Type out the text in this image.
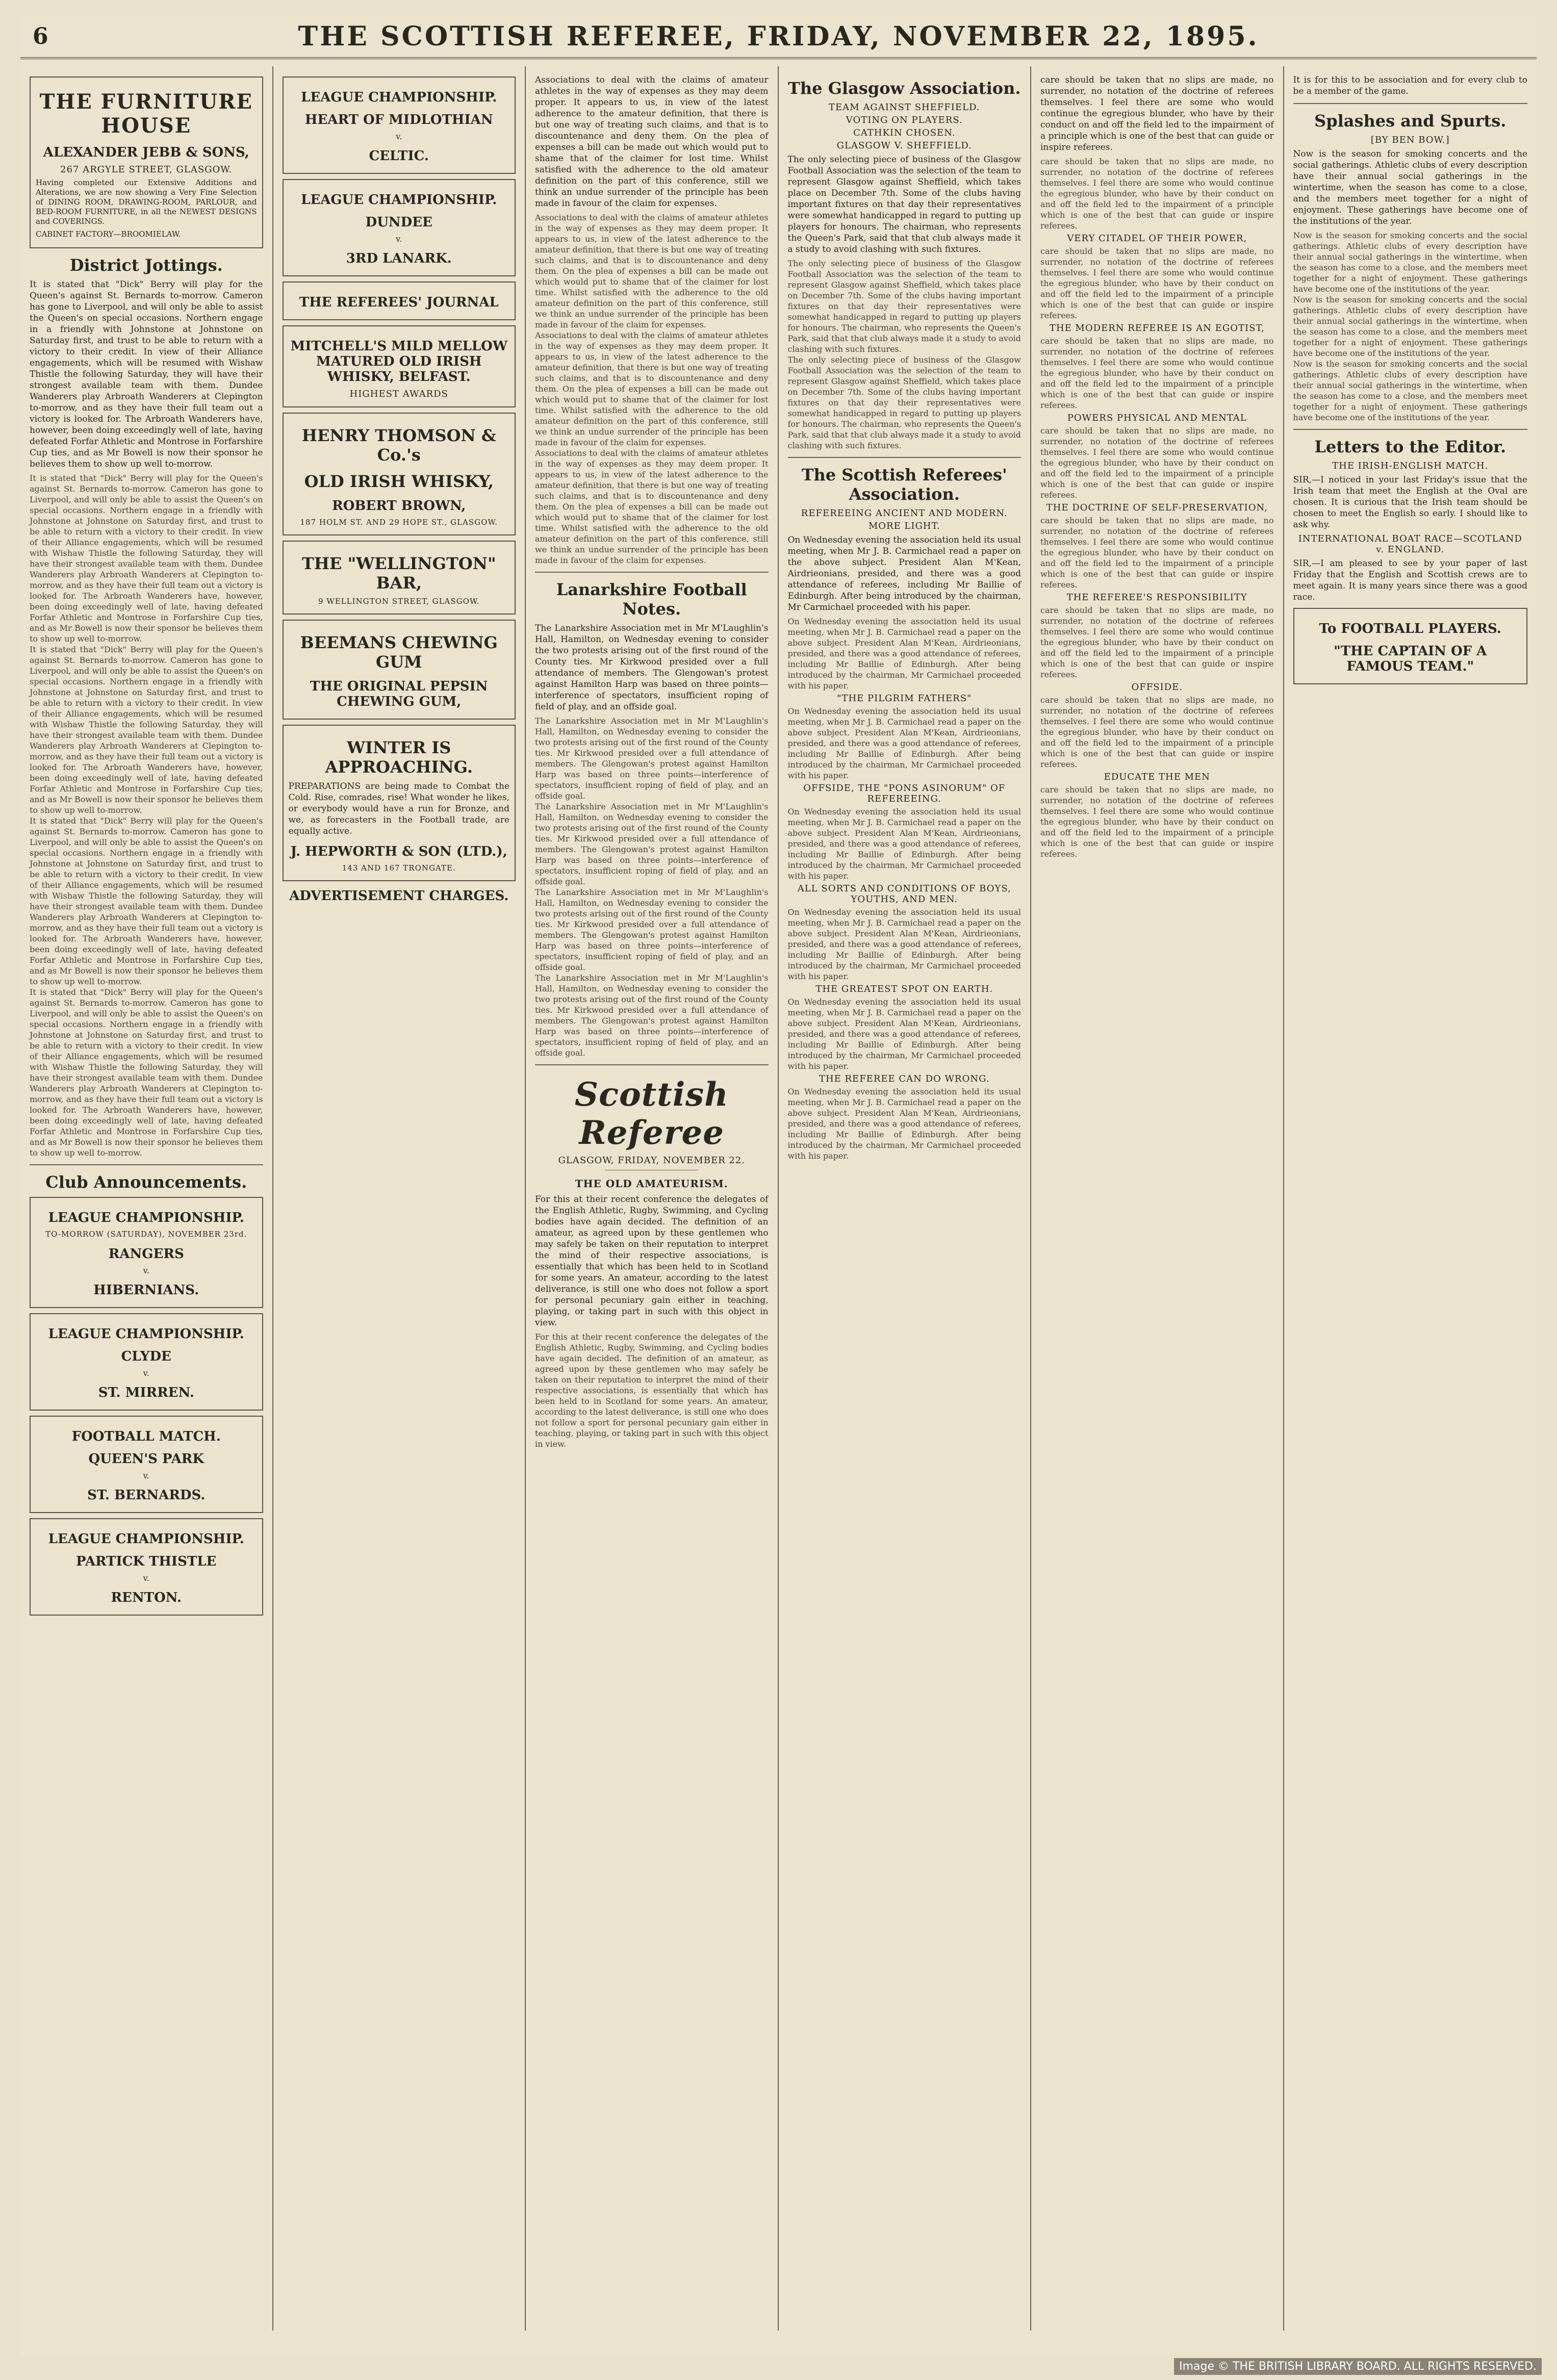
6	THE SCOTTISH REFEREE, FRIDAY, NOVEMBER 22, 1895.
THE FURNITURE HOUSE
ALEXANDER JEBB & SONS,
267 ARGYLE STREET, GLASGOW.
Having completed our Extensive Additions and Alterations, we are now showing a Very Fine Selection of DINING ROOM, DRAWING-ROOM, PARLOUR, and BED-ROOM FURNITURE, in all the NEWEST DESIGNS and COVERINGS.
CABINET FACTORY—BROOMIELAW.
District Jottings.
It is stated that "Dick" Berry will play for the Queen's against St. Bernards to-morrow. Cameron has gone to Liverpool, and will only be able to assist the Queen's on special occasions. Northern engage in a friendly with Johnstone at Johnstone on Saturday first, and trust to be able to return with a victory to their credit. In view of their Alliance engagements, which will be resumed with Wishaw Thistle the following Saturday, they will have their strongest available team with them. Dundee Wanderers play Arbroath Wanderers at Clepington to-morrow, and as they have their full team out a victory is looked for. The Arbroath Wanderers have, however, been doing exceedingly well of late, having defeated Forfar Athletic and Montrose in Forfarshire Cup ties, and as Mr Bowell is now their sponsor he believes them to show up well to-morrow.
It is stated that "Dick" Berry will play for the Queen's against St. Bernards to-morrow. Cameron has gone to Liverpool, and will only be able to assist the Queen's on special occasions. Northern engage in a friendly with Johnstone at Johnstone on Saturday first, and trust to be able to return with a victory to their credit. In view of their Alliance engagements, which will be resumed with Wishaw Thistle the following Saturday, they will have their strongest available team with them. Dundee Wanderers play Arbroath Wanderers at Clepington to-morrow, and as they have their full team out a victory is looked for. The Arbroath Wanderers have, however, been doing exceedingly well of late, having defeated Forfar Athletic and Montrose in Forfarshire Cup ties, and as Mr Bowell is now their sponsor he believes them to show up well to-morrow.
It is stated that "Dick" Berry will play for the Queen's against St. Bernards to-morrow. Cameron has gone to Liverpool, and will only be able to assist the Queen's on special occasions. Northern engage in a friendly with Johnstone at Johnstone on Saturday first, and trust to be able to return with a victory to their credit. In view of their Alliance engagements, which will be resumed with Wishaw Thistle the following Saturday, they will have their strongest available team with them. Dundee Wanderers play Arbroath Wanderers at Clepington to-morrow, and as they have their full team out a victory is looked for. The Arbroath Wanderers have, however, been doing exceedingly well of late, having defeated Forfar Athletic and Montrose in Forfarshire Cup ties, and as Mr Bowell is now their sponsor he believes them to show up well to-morrow.
It is stated that "Dick" Berry will play for the Queen's against St. Bernards to-morrow. Cameron has gone to Liverpool, and will only be able to assist the Queen's on special occasions. Northern engage in a friendly with Johnstone at Johnstone on Saturday first, and trust to be able to return with a victory to their credit. In view of their Alliance engagements, which will be resumed with Wishaw Thistle the following Saturday, they will have their strongest available team with them. Dundee Wanderers play Arbroath Wanderers at Clepington to-morrow, and as they have their full team out a victory is looked for. The Arbroath Wanderers have, however, been doing exceedingly well of late, having defeated Forfar Athletic and Montrose in Forfarshire Cup ties, and as Mr Bowell is now their sponsor he believes them to show up well to-morrow.
It is stated that "Dick" Berry will play for the Queen's against St. Bernards to-morrow. Cameron has gone to Liverpool, and will only be able to assist the Queen's on special occasions. Northern engage in a friendly with Johnstone at Johnstone on Saturday first, and trust to be able to return with a victory to their credit. In view of their Alliance engagements, which will be resumed with Wishaw Thistle the following Saturday, they will have their strongest available team with them. Dundee Wanderers play Arbroath Wanderers at Clepington to-morrow, and as they have their full team out a victory is looked for. The Arbroath Wanderers have, however, been doing exceedingly well of late, having defeated Forfar Athletic and Montrose in Forfarshire Cup ties, and as Mr Bowell is now their sponsor he believes them to show up well to-morrow.
Club Announcements.
LEAGUE CHAMPIONSHIP.
TO-MORROW (SATURDAY), NOVEMBER 23rd.
RANGERS
v.
HIBERNIANS.
LEAGUE CHAMPIONSHIP.
CLYDE
v.
ST. MIRREN.
FOOTBALL MATCH.
QUEEN'S PARK
v.
ST. BERNARDS.
LEAGUE CHAMPIONSHIP.
PARTICK THISTLE
v.
RENTON.
LEAGUE CHAMPIONSHIP.
HEART OF MIDLOTHIAN
v.
CELTIC.
LEAGUE CHAMPIONSHIP.
DUNDEE
v.
3RD LANARK.
THE REFEREES' JOURNAL
MITCHELL'S MILD MELLOW MATURED OLD IRISH WHISKY, BELFAST.
HIGHEST AWARDS
HENRY THOMSON & Co.'s
OLD IRISH WHISKY,
ROBERT BROWN,
187 HOLM ST. AND 29 HOPE ST., GLASGOW.
THE "WELLINGTON" BAR,
9 WELLINGTON STREET, GLASGOW.
BEEMANS CHEWING GUM
THE ORIGINAL PEPSIN CHEWING GUM,
WINTER IS APPROACHING.
PREPARATIONS are being made to Combat the Cold. Rise, comrades, rise! What wonder he likes, or everybody would have a run for Bronze, and we, as forecasters in the Football trade, are equally active.
J. HEPWORTH & SON (LTD.),
143 AND 167 TRONGATE.
ADVERTISEMENT CHARGES.
Associations to deal with the claims of amateur athletes in the way of expenses as they may deem proper. It appears to us, in view of the latest adherence to the amateur definition, that there is but one way of treating such claims, and that is to discountenance and deny them. On the plea of expenses a bill can be made out which would put to shame that of the claimer for lost time. Whilst satisfied with the adherence to the old amateur definition on the part of this conference, still we think an undue surrender of the principle has been made in favour of the claim for expenses.
Associations to deal with the claims of amateur athletes in the way of expenses as they may deem proper. It appears to us, in view of the latest adherence to the amateur definition, that there is but one way of treating such claims, and that is to discountenance and deny them. On the plea of expenses a bill can be made out which would put to shame that of the claimer for lost time. Whilst satisfied with the adherence to the old amateur definition on the part of this conference, still we think an undue surrender of the principle has been made in favour of the claim for expenses.
Associations to deal with the claims of amateur athletes in the way of expenses as they may deem proper. It appears to us, in view of the latest adherence to the amateur definition, that there is but one way of treating such claims, and that is to discountenance and deny them. On the plea of expenses a bill can be made out which would put to shame that of the claimer for lost time. Whilst satisfied with the adherence to the old amateur definition on the part of this conference, still we think an undue surrender of the principle has been made in favour of the claim for expenses.
Associations to deal with the claims of amateur athletes in the way of expenses as they may deem proper. It appears to us, in view of the latest adherence to the amateur definition, that there is but one way of treating such claims, and that is to discountenance and deny them. On the plea of expenses a bill can be made out which would put to shame that of the claimer for lost time. Whilst satisfied with the adherence to the old amateur definition on the part of this conference, still we think an undue surrender of the principle has been made in favour of the claim for expenses.
Lanarkshire Football Notes.
The Lanarkshire Association met in Mr M'Laughlin's Hall, Hamilton, on Wednesday evening to consider the two protests arising out of the first round of the County ties. Mr Kirkwood presided over a full attendance of members. The Glengowan's protest against Hamilton Harp was based on three points—interference of spectators, insufficient roping of field of play, and an offside goal.
The Lanarkshire Association met in Mr M'Laughlin's Hall, Hamilton, on Wednesday evening to consider the two protests arising out of the first round of the County ties. Mr Kirkwood presided over a full attendance of members. The Glengowan's protest against Hamilton Harp was based on three points—interference of spectators, insufficient roping of field of play, and an offside goal.
The Lanarkshire Association met in Mr M'Laughlin's Hall, Hamilton, on Wednesday evening to consider the two protests arising out of the first round of the County ties. Mr Kirkwood presided over a full attendance of members. The Glengowan's protest against Hamilton Harp was based on three points—interference of spectators, insufficient roping of field of play, and an offside goal.
The Lanarkshire Association met in Mr M'Laughlin's Hall, Hamilton, on Wednesday evening to consider the two protests arising out of the first round of the County ties. Mr Kirkwood presided over a full attendance of members. The Glengowan's protest against Hamilton Harp was based on three points—interference of spectators, insufficient roping of field of play, and an offside goal.
The Lanarkshire Association met in Mr M'Laughlin's Hall, Hamilton, on Wednesday evening to consider the two protests arising out of the first round of the County ties. Mr Kirkwood presided over a full attendance of members. The Glengowan's protest against Hamilton Harp was based on three points—interference of spectators, insufficient roping of field of play, and an offside goal.
Scottish Referee
GLASGOW, FRIDAY, NOVEMBER 22.
THE OLD AMATEURISM.
For this at their recent conference the delegates of the English Athletic, Rugby, Swimming, and Cycling bodies have again decided. The definition of an amateur, as agreed upon by these gentlemen who may safely be taken on their reputation to interpret the mind of their respective associations, is essentially that which has been held to in Scotland for some years. An amateur, according to the latest deliverance, is still one who does not follow a sport for personal pecuniary gain either in teaching, playing, or taking part in such with this object in view.
For this at their recent conference the delegates of the English Athletic, Rugby, Swimming, and Cycling bodies have again decided. The definition of an amateur, as agreed upon by these gentlemen who may safely be taken on their reputation to interpret the mind of their respective associations, is essentially that which has been held to in Scotland for some years. An amateur, according to the latest deliverance, is still one who does not follow a sport for personal pecuniary gain either in teaching, playing, or taking part in such with this object in view.
The Glasgow Association.
TEAM AGAINST SHEFFIELD.
VOTING ON PLAYERS.
CATHKIN CHOSEN.
GLASGOW V. SHEFFIELD.
The only selecting piece of business of the Glasgow Football Association was the selection of the team to represent Glasgow against Sheffield, which takes place on December 7th. Some of the clubs having important fixtures on that day their representatives were somewhat handicapped in regard to putting up players for honours. The chairman, who represents the Queen's Park, said that that club always made it a study to avoid clashing with such fixtures.
The only selecting piece of business of the Glasgow Football Association was the selection of the team to represent Glasgow against Sheffield, which takes place on December 7th. Some of the clubs having important fixtures on that day their representatives were somewhat handicapped in regard to putting up players for honours. The chairman, who represents the Queen's Park, said that that club always made it a study to avoid clashing with such fixtures.
The only selecting piece of business of the Glasgow Football Association was the selection of the team to represent Glasgow against Sheffield, which takes place on December 7th. Some of the clubs having important fixtures on that day their representatives were somewhat handicapped in regard to putting up players for honours. The chairman, who represents the Queen's Park, said that that club always made it a study to avoid clashing with such fixtures.
The Scottish Referees' Association.
REFEREEING ANCIENT AND MODERN.
MORE LIGHT.
On Wednesday evening the association held its usual meeting, when Mr J. B. Carmichael read a paper on the above subject. President Alan M'Kean, Airdrieonians, presided, and there was a good attendance of referees, including Mr Baillie of Edinburgh. After being introduced by the chairman, Mr Carmichael proceeded with his paper.
On Wednesday evening the association held its usual meeting, when Mr J. B. Carmichael read a paper on the above subject. President Alan M'Kean, Airdrieonians, presided, and there was a good attendance of referees, including Mr Baillie of Edinburgh. After being introduced by the chairman, Mr Carmichael proceeded with his paper.
"THE PILGRIM FATHERS"
On Wednesday evening the association held its usual meeting, when Mr J. B. Carmichael read a paper on the above subject. President Alan M'Kean, Airdrieonians, presided, and there was a good attendance of referees, including Mr Baillie of Edinburgh. After being introduced by the chairman, Mr Carmichael proceeded with his paper.
OFFSIDE, THE "PONS ASINORUM" OF REFEREEING.
On Wednesday evening the association held its usual meeting, when Mr J. B. Carmichael read a paper on the above subject. President Alan M'Kean, Airdrieonians, presided, and there was a good attendance of referees, including Mr Baillie of Edinburgh. After being introduced by the chairman, Mr Carmichael proceeded with his paper.
ALL SORTS AND CONDITIONS OF BOYS, YOUTHS, AND MEN.
On Wednesday evening the association held its usual meeting, when Mr J. B. Carmichael read a paper on the above subject. President Alan M'Kean, Airdrieonians, presided, and there was a good attendance of referees, including Mr Baillie of Edinburgh. After being introduced by the chairman, Mr Carmichael proceeded with his paper.
THE GREATEST SPOT ON EARTH.
On Wednesday evening the association held its usual meeting, when Mr J. B. Carmichael read a paper on the above subject. President Alan M'Kean, Airdrieonians, presided, and there was a good attendance of referees, including Mr Baillie of Edinburgh. After being introduced by the chairman, Mr Carmichael proceeded with his paper.
THE REFEREE CAN DO WRONG.
On Wednesday evening the association held its usual meeting, when Mr J. B. Carmichael read a paper on the above subject. President Alan M'Kean, Airdrieonians, presided, and there was a good attendance of referees, including Mr Baillie of Edinburgh. After being introduced by the chairman, Mr Carmichael proceeded with his paper.
care should be taken that no slips are made, no surrender, no notation of the doctrine of referees themselves. I feel there are some who would continue the egregious blunder, who have by their conduct on and off the field led to the impairment of a principle which is one of the best that can guide or inspire referees.
care should be taken that no slips are made, no surrender, no notation of the doctrine of referees themselves. I feel there are some who would continue the egregious blunder, who have by their conduct on and off the field led to the impairment of a principle which is one of the best that can guide or inspire referees.
VERY CITADEL OF THEIR POWER,
care should be taken that no slips are made, no surrender, no notation of the doctrine of referees themselves. I feel there are some who would continue the egregious blunder, who have by their conduct on and off the field led to the impairment of a principle which is one of the best that can guide or inspire referees.
THE MODERN REFEREE IS AN EGOTIST,
care should be taken that no slips are made, no surrender, no notation of the doctrine of referees themselves. I feel there are some who would continue the egregious blunder, who have by their conduct on and off the field led to the impairment of a principle which is one of the best that can guide or inspire referees.
POWERS PHYSICAL AND MENTAL
care should be taken that no slips are made, no surrender, no notation of the doctrine of referees themselves. I feel there are some who would continue the egregious blunder, who have by their conduct on and off the field led to the impairment of a principle which is one of the best that can guide or inspire referees.
THE DOCTRINE OF SELF-PRESERVATION,
care should be taken that no slips are made, no surrender, no notation of the doctrine of referees themselves. I feel there are some who would continue the egregious blunder, who have by their conduct on and off the field led to the impairment of a principle which is one of the best that can guide or inspire referees.
THE REFEREE'S RESPONSIBILITY
care should be taken that no slips are made, no surrender, no notation of the doctrine of referees themselves. I feel there are some who would continue the egregious blunder, who have by their conduct on and off the field led to the impairment of a principle which is one of the best that can guide or inspire referees.
OFFSIDE.
care should be taken that no slips are made, no surrender, no notation of the doctrine of referees themselves. I feel there are some who would continue the egregious blunder, who have by their conduct on and off the field led to the impairment of a principle which is one of the best that can guide or inspire referees.
EDUCATE THE MEN
care should be taken that no slips are made, no surrender, no notation of the doctrine of referees themselves. I feel there are some who would continue the egregious blunder, who have by their conduct on and off the field led to the impairment of a principle which is one of the best that can guide or inspire referees.
It is for this to be association and for every club to be a member of the game.
Splashes and Spurts.
[BY BEN BOW.]
Now is the season for smoking concerts and the social gatherings. Athletic clubs of every description have their annual social gatherings in the wintertime, when the season has come to a close, and the members meet together for a night of enjoyment. These gatherings have become one of the institutions of the year.
Now is the season for smoking concerts and the social gatherings. Athletic clubs of every description have their annual social gatherings in the wintertime, when the season has come to a close, and the members meet together for a night of enjoyment. These gatherings have become one of the institutions of the year.
Now is the season for smoking concerts and the social gatherings. Athletic clubs of every description have their annual social gatherings in the wintertime, when the season has come to a close, and the members meet together for a night of enjoyment. These gatherings have become one of the institutions of the year.
Now is the season for smoking concerts and the social gatherings. Athletic clubs of every description have their annual social gatherings in the wintertime, when the season has come to a close, and the members meet together for a night of enjoyment. These gatherings have become one of the institutions of the year.
Letters to the Editor.
THE IRISH-ENGLISH MATCH.
SIR,—I noticed in your last Friday's issue that the Irish team that meet the English at the Oval are chosen. It is curious that the Irish team should be chosen to meet the English so early. I should like to ask why.
INTERNATIONAL BOAT RACE—SCOTLAND v. ENGLAND.
SIR,—I am pleased to see by your paper of last Friday that the English and Scottish crews are to meet again. It is many years since there was a good race.
To FOOTBALL PLAYERS.
"THE CAPTAIN OF A FAMOUS TEAM."
Image © THE BRITISH LIBRARY BOARD. ALL RIGHTS RESERVED.
